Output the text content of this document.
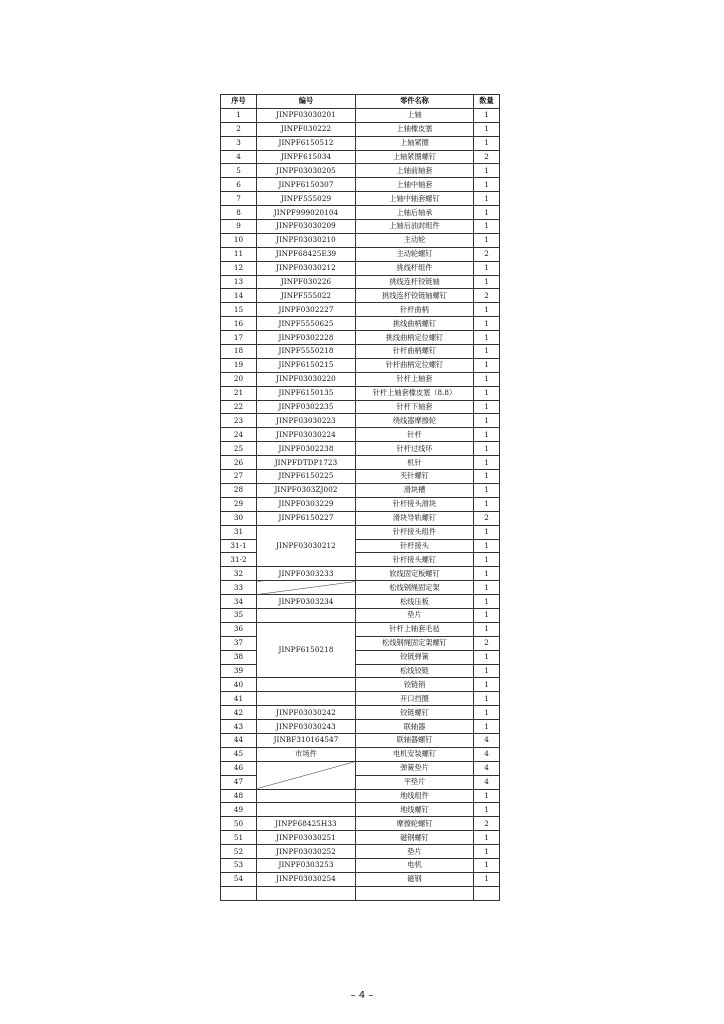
序号	编号	零件名称	数量
1	JINPF03030201	上轴	1
2	JINPF030222	上轴橡皮塞	1
3	JINPF6150512	上轴紧圈	1
4	JINPF615034	上轴紧圈螺钉	2
5	JINPF03030205	上轴前轴套	1
6	JINPF6150307	上轴中轴套	1
7	JINPF555029	上轴中轴套螺钉	1
8	JINPF999020104	上轴后轴承	1
9	JINPF03030209	上轴后油封组件	1
10	JINPF03030210	主动轮	1
11	JINPF68425E39	主动轮螺钉	2
12	JINPF03030212	挑线杆组件	1
13	JINPF030226	挑线连杆铰链轴	1
14	JINPF555022	挑线连杆铰链轴螺钉	2
15	JINPF0302227	针杆曲柄	1
16	JINPF5550625	挑线曲柄螺钉	1
17	JINPF0302228	挑线曲柄定位螺钉	1
18	JINPF5550218	针杆曲柄螺钉	1
19	JINPF6150215	针杆曲柄定位螺钉	1
20	JINPF03030220	针杆上轴套	1
21	JINPF6150135	针杆上轴套橡皮塞（8.8）	1
22	JINPF0302235	针杆下轴套	1
23	JINPF03030223	绕线器摩擦轮	1
24	JINPF03030224	针杆	1
25	JINPF0302238	针杆过线环	1
26	JINPFDTDP1723	机针	1
27	JINPF6150225	夹针螺钉	1
28	JINPF0303ZJ002	滑块槽	1
29	JINPF0303229	针杆接头滑块	1
30	JINPF6150227	滑块导轨螺钉	2
31	JINPF03030212	针杆接头组件	1
31-1		针杆接头	1
31-2		针杆接头螺钉	1
32	JINPF0303233	软线固定板螺钉	1
33		松线钢绳固定架	1
34	JINPF0303234	松线压板	1
35		垫片	1
36	JINPF6150218	针杆上轴套毛毡	1
37		松线钢绳固定架螺钉	2
38		铰链弹簧	1
39		松线铰链	1
40		铰链销	1
41		开口挡圈	1
42	JINPF03030242	铰链螺钉	1
43	JINPF03030243	联轴器	1
44	JINBF310164547	联轴器螺钉	4
45	市场件	电机安装螺钉	4
46		弹簧垫片	4
47		平垫片	4
48		地线组件	1
49		地线螺钉	1
50	JINPF68425H33	摩擦轮螺钉	2
51	JINPF03030251	磁钢螺钉	1
52	JINPF03030252	垫片	1
53	JINPF0303253	电机	1
54	JINPF03030254	磁钢	1

– 4 –
